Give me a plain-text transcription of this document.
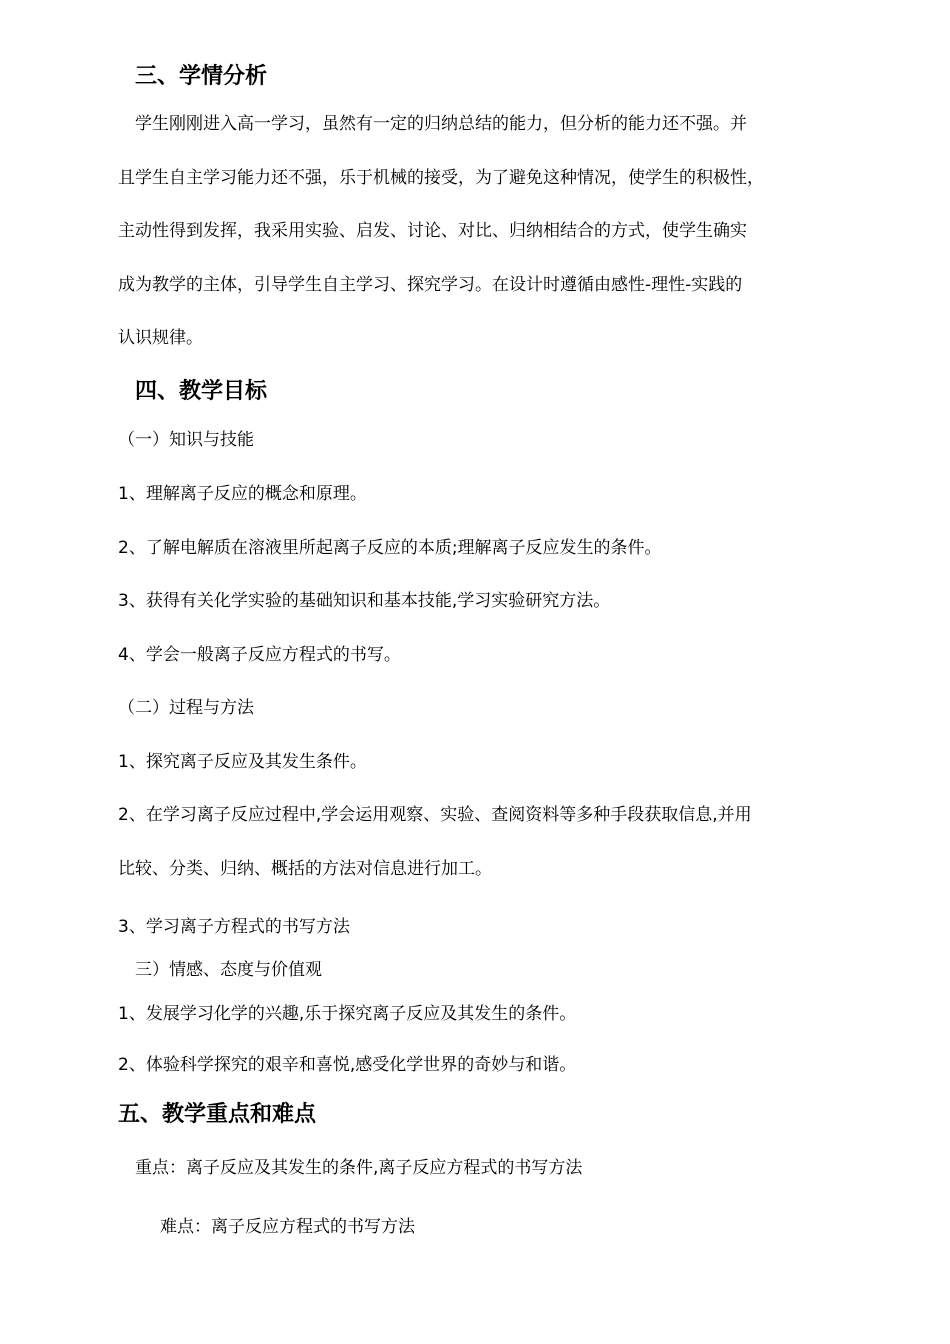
三、学情分析
学生刚刚进入高一学习，虽然有一定的归纳总结的能力，但分析的能力还不强。并
且学生自主学习能力还不强，乐于机械的接受，为了避免这种情况，使学生的积极性，
主动性得到发挥，我采用实验、启发、讨论、对比、归纳相结合的方式，使学生确实
成为教学的主体，引导学生自主学习、探究学习。在设计时遵循由感性-理性-实践的
认识规律。
四、教学目标
（一）知识与技能
1、理解离子反应的概念和原理。
2、了解电解质在溶液里所起离子反应的本质;理解离子反应发生的条件。
3、获得有关化学实验的基础知识和基本技能,学习实验研究方法。
4、学会一般离子反应方程式的书写。
（二）过程与方法
1、探究离子反应及其发生条件。
2、在学习离子反应过程中,学会运用观察、实验、查阅资料等多种手段获取信息,并用
比较、分类、归纳、概括的方法对信息进行加工。
3、学习离子方程式的书写方法
三）情感、态度与价值观
1、发展学习化学的兴趣,乐于探究离子反应及其发生的条件。
2、体验科学探究的艰辛和喜悦,感受化学世界的奇妙与和谐。
五、教学重点和难点
重点：离子反应及其发生的条件,离子反应方程式的书写方法
难点：离子反应方程式的书写方法
